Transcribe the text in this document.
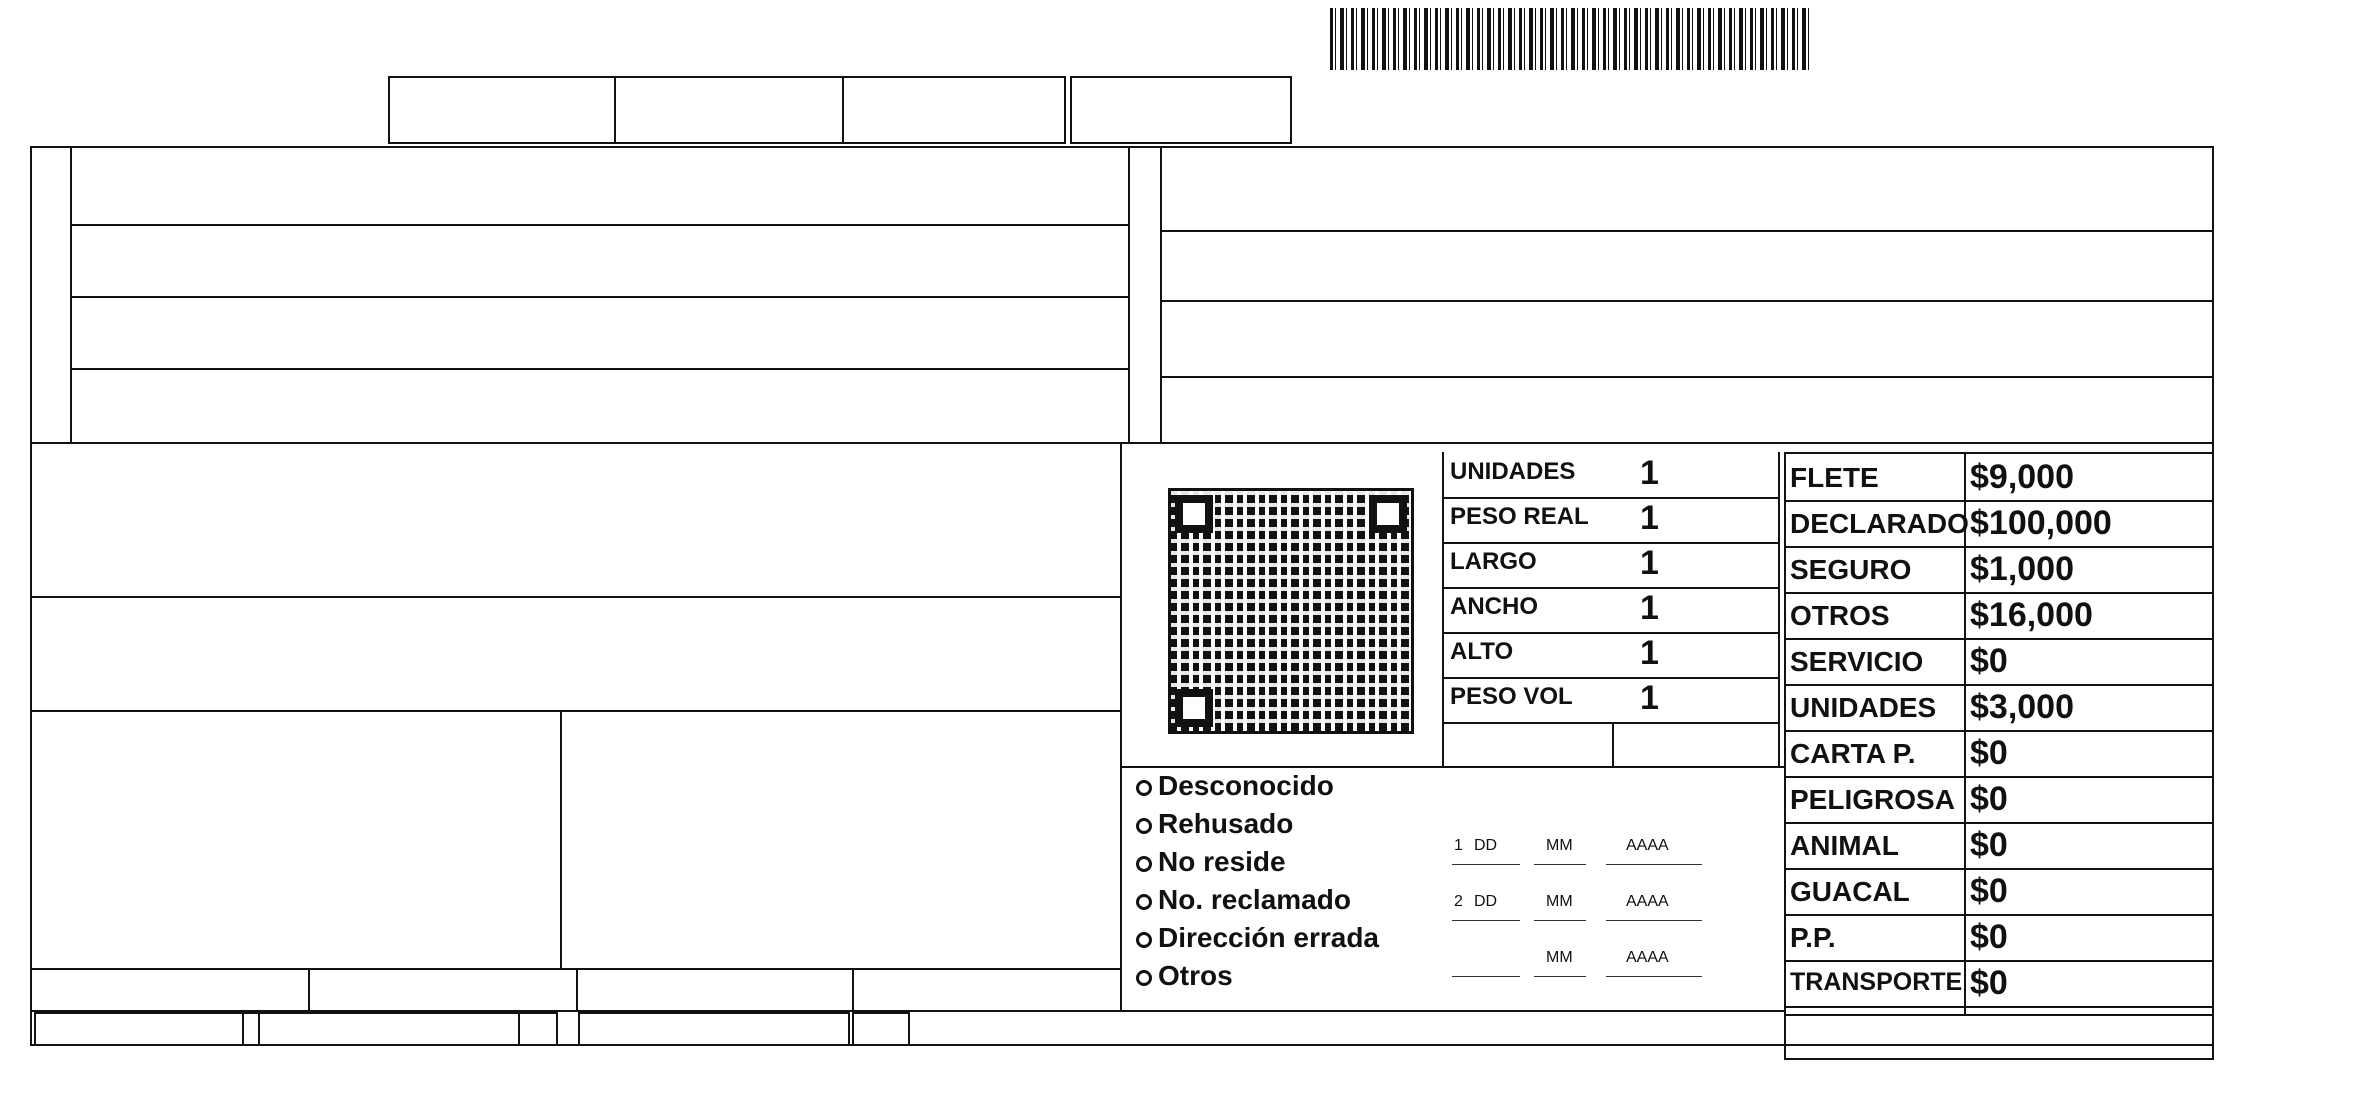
UNIDADES 1
PESO REAL 1
LARGO	1
ANCHO	1
ALTO	1
PESO VOL 1
Desconocido
Rehusado
No reside
No. reclamado
Dirección errada
Otros
1 DD	MM	AAAA
2 DD	MM	AAAA
MM	AAAA
FLETE	$9,000
DECLARADO $100,000
SEGURO $1,000
OTROS $16,000
SERVICIO $0
UNIDADES $3,000
CARTA P. $0
PELIGROSA $0
ANIMAL $0
GUACAL $0
P.P.	$0
TRANSPORTE $0
